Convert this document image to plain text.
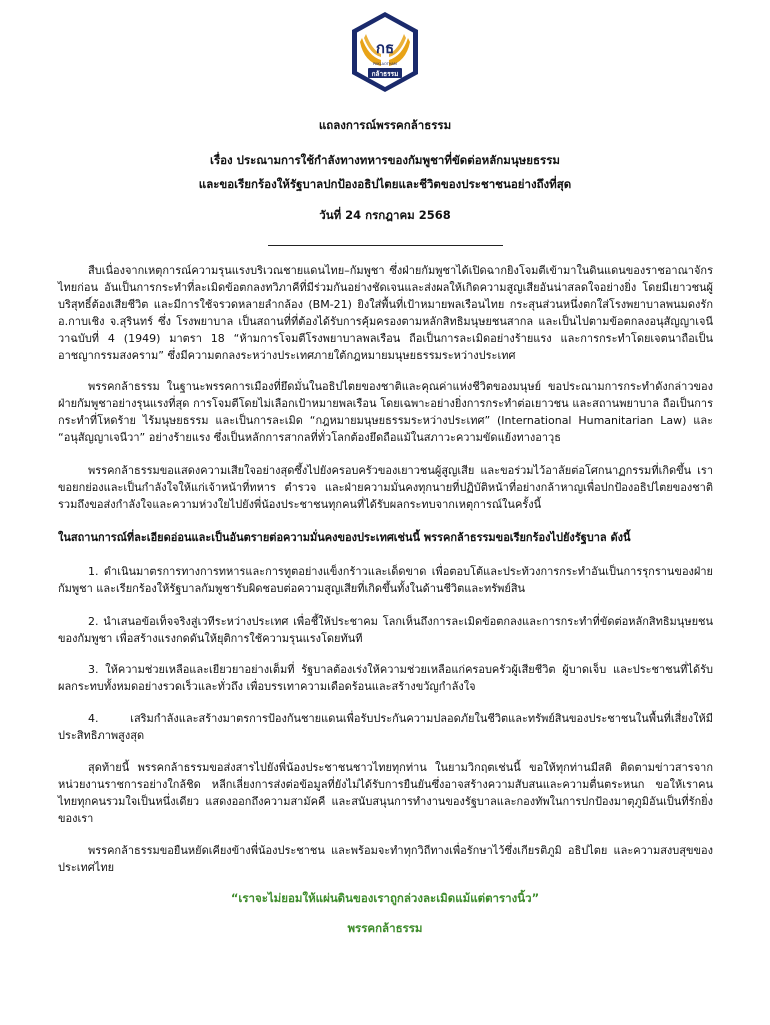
กธ
PAKLAOTHAM
กล้าธรรม
แถลงการณ์พรรคกล้าธรรม
เรื่อง ประณามการใช้กำลังทางทหารของกัมพูชาที่ขัดต่อหลักมนุษยธรรม
และขอเรียกร้องให้รัฐบาลปกป้องอธิปไตยและชีวิตของประชาชนอย่างถึงที่สุด
วันที่ 24 กรกฎาคม 2568

สืบเนื่องจากเหตุการณ์ความรุนแรงบริเวณชายแดนไทย–กัมพูชา ซึ่งฝ่ายกัมพูชาได้เปิดฉากยิงโจมตีเข้ามาในดินแดนของราชอาณาจักรไทยก่อน อันเป็นการกระทำที่ละเมิดข้อตกลงทวิภาคีที่มีร่วมกันอย่างชัดเจนและส่งผลให้เกิดความสูญเสียอันน่าสลดใจอย่างยิ่ง โดยมีเยาวชนผู้บริสุทธิ์ต้องเสียชีวิต และมีการใช้จรวดหลายลำกล้อง (BM-21) ยิงใส่พื้นที่เป้าหมายพลเรือนไทย กระสุนส่วนหนึ่งตกใส่โรงพยาบาลพนมดงรัก อ.กาบเชิง จ.สุรินทร์ ซึ่ง โรงพยาบาล เป็นสถานที่ที่ต้องได้รับการคุ้มครองตามหลักสิทธิมนุษยชนสากล และเป็นไปตามข้อตกลงอนุสัญญาเจนีวาฉบับที่ 4 (1949) มาตรา 18 “ห้ามการโจมตีโรงพยาบาลพลเรือน ถือเป็นการละเมิดอย่างร้ายแรง และการกระทำโดยเจตนาถือเป็นอาชญากรรมสงคราม” ซึ่งมีความตกลงระหว่างประเทศภายใต้กฎหมายมนุษยธรรมระหว่างประเทศ

พรรคกล้าธรรม ในฐานะพรรคการเมืองที่ยึดมั่นในอธิปไตยของชาติและคุณค่าแห่งชีวิตของมนุษย์ ขอประณามการกระทำดังกล่าวของฝ่ายกัมพูชาอย่างรุนแรงที่สุด การโจมตีโดยไม่เลือกเป้าหมายพลเรือน โดยเฉพาะอย่างยิ่งการกระทำต่อเยาวชน และสถานพยาบาล ถือเป็นการกระทำที่โหดร้าย ไร้มนุษยธรรม และเป็นการละเมิด “กฎหมายมนุษยธรรมระหว่างประเทศ” (International Humanitarian Law) และ “อนุสัญญาเจนีวา” อย่างร้ายแรง ซึ่งเป็นหลักการสากลที่ทั่วโลกต้องยึดถือแม้ในสภาวะความขัดแย้งทางอาวุธ

พรรคกล้าธรรมขอแสดงความเสียใจอย่างสุดซึ้งไปยังครอบครัวของเยาวชนผู้สูญเสีย และขอร่วมไว้อาลัยต่อโศกนาฏกรรมที่เกิดขึ้น เราขอยกย่องและเป็นกำลังใจให้แก่เจ้าหน้าที่ทหาร ตำรวจ และฝ่ายความมั่นคงทุกนายที่ปฏิบัติหน้าที่อย่างกล้าหาญเพื่อปกป้องอธิปไตยของชาติ รวมถึงขอส่งกำลังใจและความห่วงใยไปยังพี่น้องประชาชนทุกคนที่ได้รับผลกระทบจากเหตุการณ์ในครั้งนี้

ในสถานการณ์ที่ละเอียดอ่อนและเป็นอันตรายต่อความมั่นคงของประเทศเช่นนี้ พรรคกล้าธรรมขอเรียกร้องไปยังรัฐบาล ดังนี้

1. ดำเนินมาตรการทางการทหารและการทูตอย่างแข็งกร้าวและเด็ดขาด เพื่อตอบโต้และประท้วงการกระทำอันเป็นการรุกรานของฝ่ายกัมพูชา และเรียกร้องให้รัฐบาลกัมพูชารับผิดชอบต่อความสูญเสียที่เกิดขึ้นทั้งในด้านชีวิตและทรัพย์สิน

2. นำเสนอข้อเท็จจริงสู่เวทีระหว่างประเทศ เพื่อชี้ให้ประชาคม โลกเห็นถึงการละเมิดข้อตกลงและการกระทำที่ขัดต่อหลักสิทธิมนุษยชนของกัมพูชา เพื่อสร้างแรงกดดันให้ยุติการใช้ความรุนแรงโดยทันที

3. ให้ความช่วยเหลือและเยียวยาอย่างเต็มที่ รัฐบาลต้องเร่งให้ความช่วยเหลือแก่ครอบครัวผู้เสียชีวิต ผู้บาดเจ็บ และประชาชนที่ได้รับผลกระทบทั้งหมดอย่างรวดเร็วและทั่วถึง เพื่อบรรเทาความเดือดร้อนและสร้างขวัญกำลังใจ

4. เสริมกำลังและสร้างมาตรการป้องกันชายแดนเพื่อรับประกันความปลอดภัยในชีวิตและทรัพย์สินของประชาชนในพื้นที่เสี่ยงให้มีประสิทธิภาพสูงสุด

สุดท้ายนี้ พรรคกล้าธรรมขอส่งสารไปยังพี่น้องประชาชนชาวไทยทุกท่าน ในยามวิกฤตเช่นนี้ ขอให้ทุกท่านมีสติ ติดตามข่าวสารจากหน่วยงานราชการอย่างใกล้ชิด หลีกเลี่ยงการส่งต่อข้อมูลที่ยังไม่ได้รับการยืนยันซึ่งอาจสร้างความสับสนและความตื่นตระหนก ขอให้เราคนไทยทุกคนรวมใจเป็นหนึ่งเดียว แสดงออกถึงความสามัคคี และสนับสนุนการทำงานของรัฐบาลและกองทัพในการปกป้องมาตุภูมิอันเป็นที่รักยิ่งของเรา

พรรคกล้าธรรมขอยืนหยัดเคียงข้างพี่น้องประชาชน และพร้อมจะทำทุกวิถีทางเพื่อรักษาไว้ซึ่งเกียรติภูมิ อธิปไตย และความสงบสุขของประเทศไทย

“เราจะไม่ยอมให้แผ่นดินของเราถูกล่วงละเมิดแม้แต่ตารางนิ้ว”
พรรคกล้าธรรม
